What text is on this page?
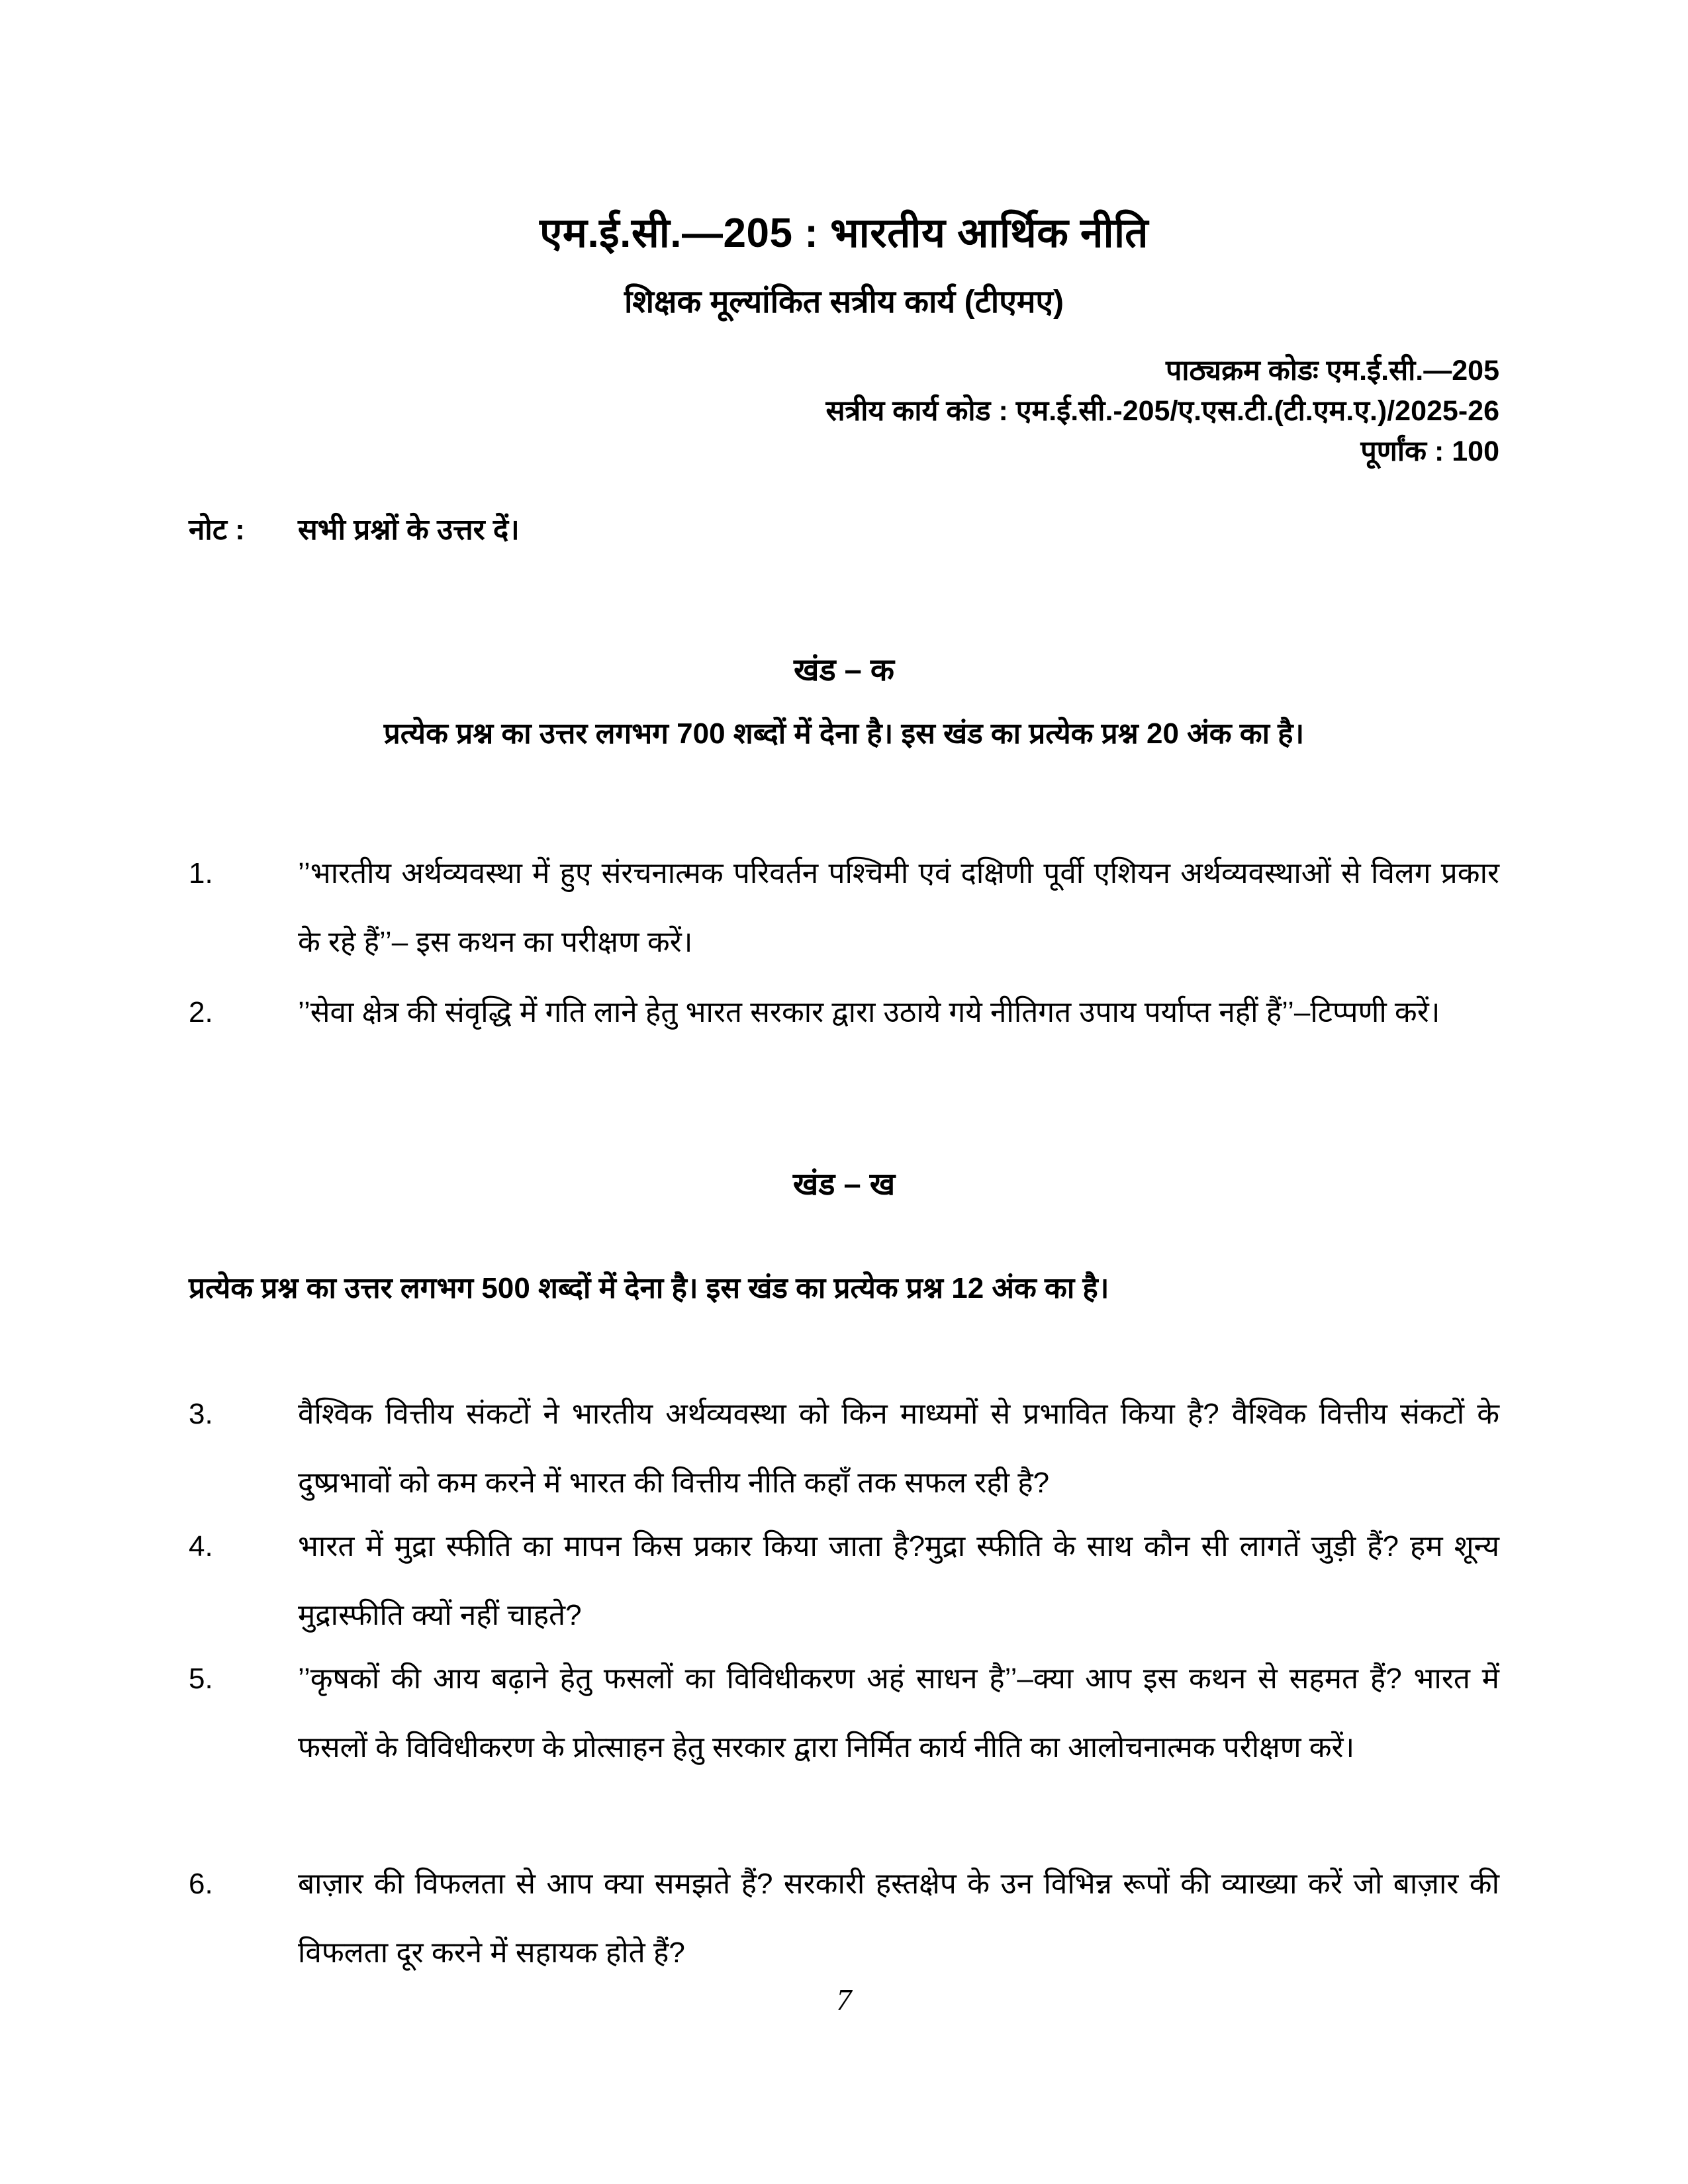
एम.ई.सी.—205 : भारतीय आर्थिक नीति
शिक्षक मूल्यांकित सत्रीय कार्य (टीएमए)
पाठ्यक्रम कोडः एम.ई.सी.—205
सत्रीय कार्य कोड : एम.ई.सी.-205/ए.एस.टी.(टी.एम.ए.)/2025-26
पूर्णांक : 100
नोट :	सभी प्रश्नों के उत्तर दें।
खंड – क
प्रत्येक प्रश्न का उत्तर लगभग 700 शब्दों में देना है। इस खंड का प्रत्येक प्रश्न 20 अंक का है।
1.	’’भारतीय अर्थव्यवस्था में हुए संरचनात्मक परिवर्तन पश्चिमी एवं दक्षिणी पूर्वी एशियन अर्थव्यवस्थाओं से विलग प्रकार के रहे हैं’’– इस कथन का परीक्षण करें।
2.	’’सेवा क्षेत्र की संवृद्धि में गति लाने हेतु भारत सरकार द्वारा उठाये गये नीतिगत उपाय पर्याप्त नहीं हैं’’–टिप्पणी करें।
खंड – ख
प्रत्येक प्रश्न का उत्तर लगभग 500 शब्दों में देना है। इस खंड का प्रत्येक प्रश्न 12 अंक का है।
3.	वैश्विक वित्तीय संकटों ने भारतीय अर्थव्यवस्था को किन माध्यमों से प्रभावित किया है? वैश्विक वित्तीय संकटों के दुष्प्रभावों को कम करने में भारत की वित्तीय नीति कहाँ तक सफल रही है?
4.	भारत में मुद्रा स्फीति का मापन किस प्रकार किया जाता है?मुद्रा स्फीति के साथ कौन सी लागतें जुड़ी हैं? हम शून्य मुद्रास्फीति क्यों नहीं चाहते?
5.	’’कृषकों की आय बढ़ाने हेतु फसलों का विविधीकरण अहं साधन है’’–क्या आप इस कथन से सहमत हैं? भारत में फसलों के विविधीकरण के प्रोत्साहन हेतु सरकार द्वारा निर्मित कार्य नीति का आलोचनात्मक परीक्षण करें।
6.	बाज़ार की विफलता से आप क्या समझते हैं? सरकारी हस्तक्षेप के उन विभिन्न रूपों की व्याख्या करें जो बाज़ार की विफलता दूर करने में सहायक होते हैं?
7
